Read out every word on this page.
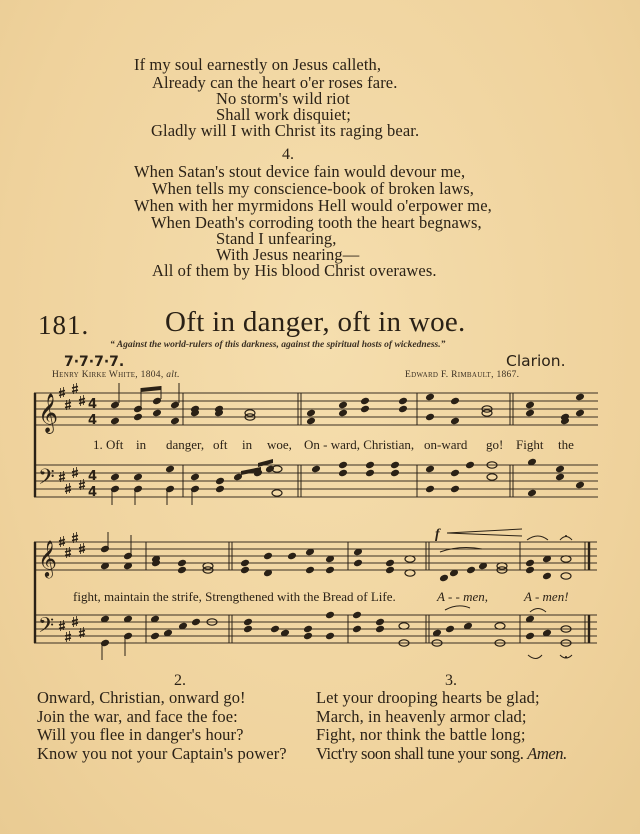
If my soul earnestly on Jesus calleth,
Already can the heart o'er roses fare.
No storm's wild riot
Shall work disquiet;
Gladly will I with Christ its raging bear.
4.
When Satan's stout device fain would devour me,
When tells my conscience-book of broken laws,
When with her myrmidons Hell would o'erpower me,
When Death's corroding tooth the heart begnaws,
Stand I unfearing,
With Jesus nearing—
All of them by His blood Christ overawes.
181.	Oft in danger, oft in woe.
“ Against the world-rulers of this darkness, against the spiritual hosts of wickedness.”
7·7·7·7.	Clarion.
Henry Kirke White, 1804, alt.	Edward F. Rimbault, 1867.
𝄞
𝄢
𝄞
𝄢
4
4
4
4
f
1. Oft in danger, oft in woe, On - ward, Christian, on-ward go! Fight the
fight, maintain the strife, Strengthened with the Bread of Life.	A - - men,	A - men!
2.
Onward, Christian, onward go!
Join the war, and face the foe:
Will you flee in danger's hour?
Know you not your Captain's power?
3.
Let your drooping hearts be glad;
March, in heavenly armor clad;
Fight, nor think the battle long;
Vict'ry soon shall tune your song. Amen.
